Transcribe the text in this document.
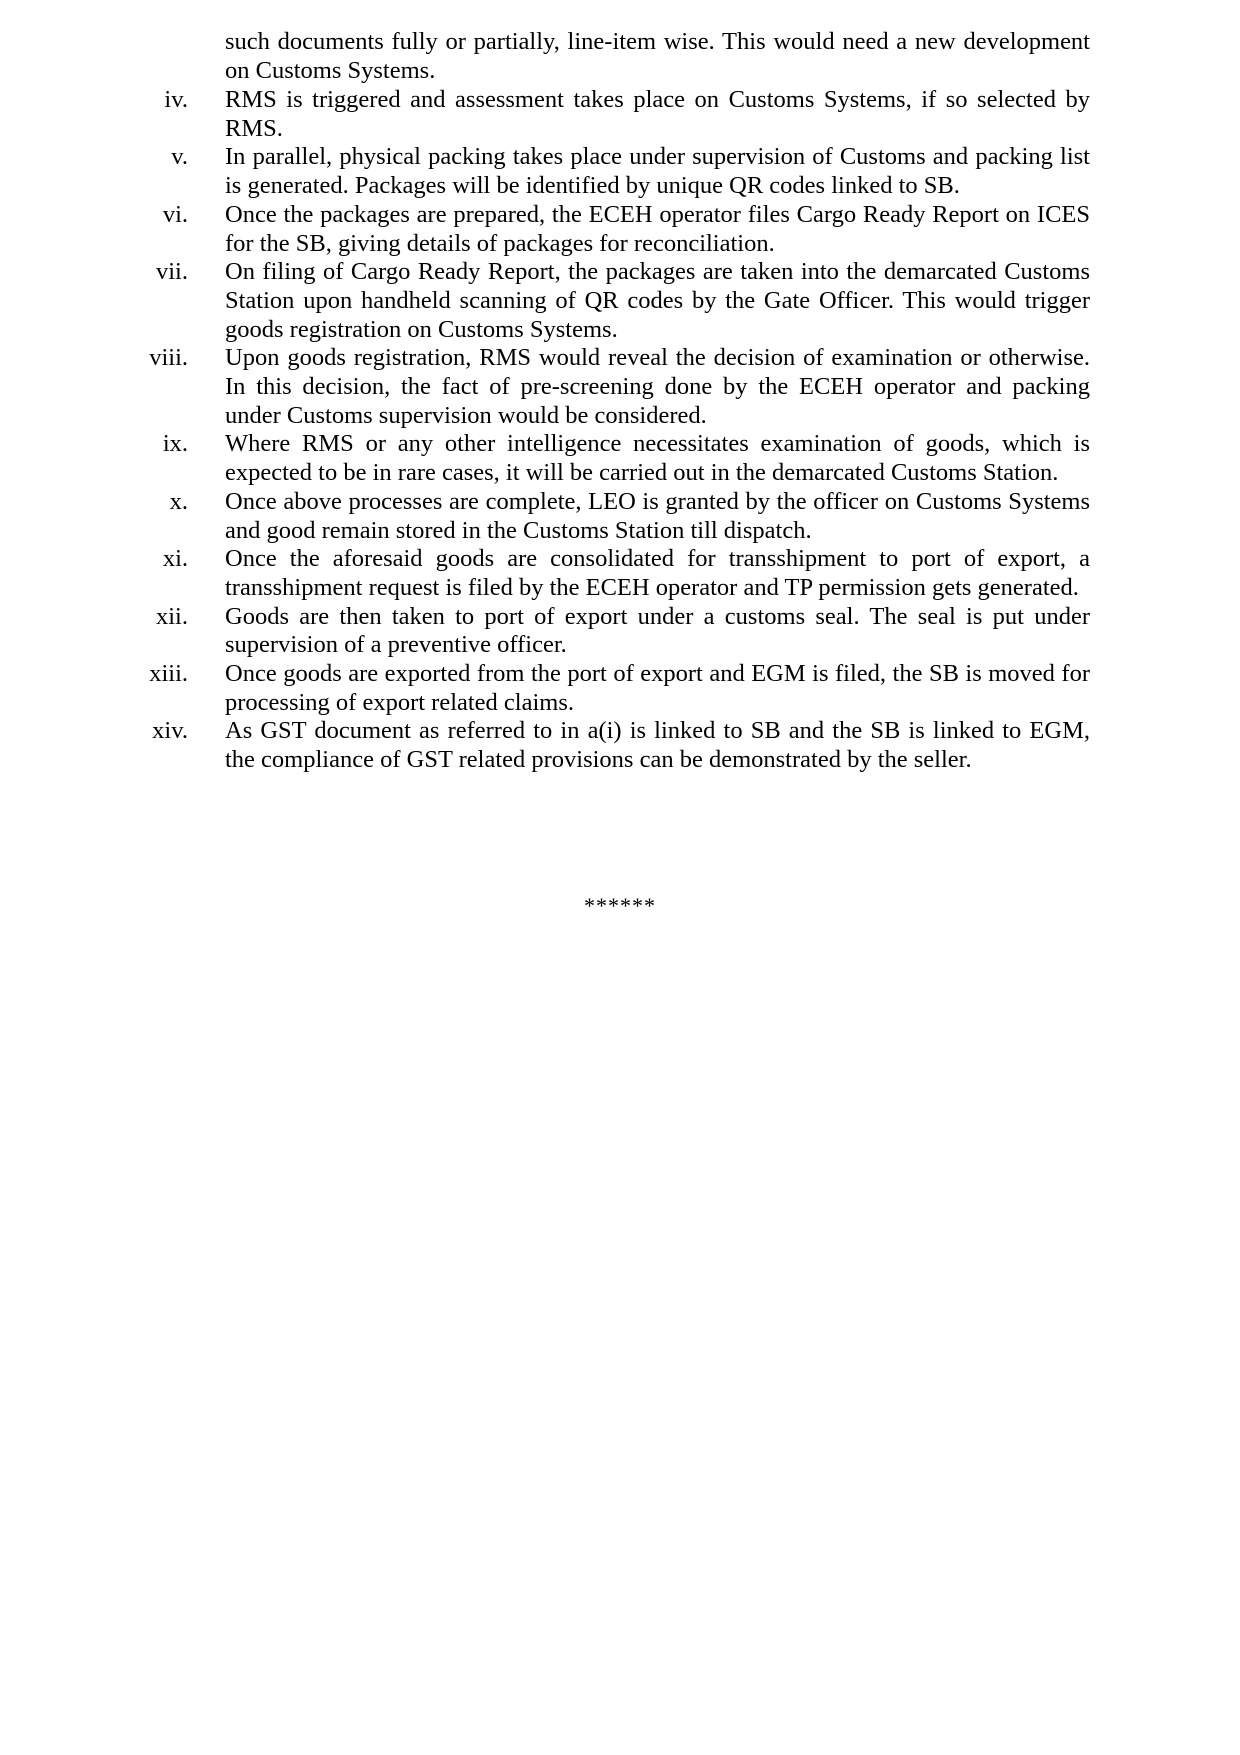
such documents fully or partially, line-item wise. This would need a new development on Customs Systems.
iv.	RMS is triggered and assessment takes place on Customs Systems, if so selected by RMS.
v.	In parallel, physical packing takes place under supervision of Customs and packing list is generated. Packages will be identified by unique QR codes linked to SB.
vi.	Once the packages are prepared, the ECEH operator files Cargo Ready Report on ICES for the SB, giving details of packages for reconciliation.
vii.	On filing of Cargo Ready Report, the packages are taken into the demarcated Customs Station upon handheld scanning of QR codes by the Gate Officer. This would trigger goods registration on Customs Systems.
viii.	Upon goods registration, RMS would reveal the decision of examination or otherwise. In this decision, the fact of pre-screening done by the ECEH operator and packing under Customs supervision would be considered.
ix.	Where RMS or any other intelligence necessitates examination of goods, which is expected to be in rare cases, it will be carried out in the demarcated Customs Station.
x.	Once above processes are complete, LEO is granted by the officer on Customs Systems and good remain stored in the Customs Station till dispatch.
xi.	Once the aforesaid goods are consolidated for transshipment to port of export, a transshipment request is filed by the ECEH operator and TP permission gets generated.
xii.	Goods are then taken to port of export under a customs seal. The seal is put under supervision of a preventive officer.
xiii.	Once goods are exported from the port of export and EGM is filed, the SB is moved for processing of export related claims.
xiv.	As GST document as referred to in a(i) is linked to SB and the SB is linked to EGM, the compliance of GST related provisions can be demonstrated by the seller.
******
